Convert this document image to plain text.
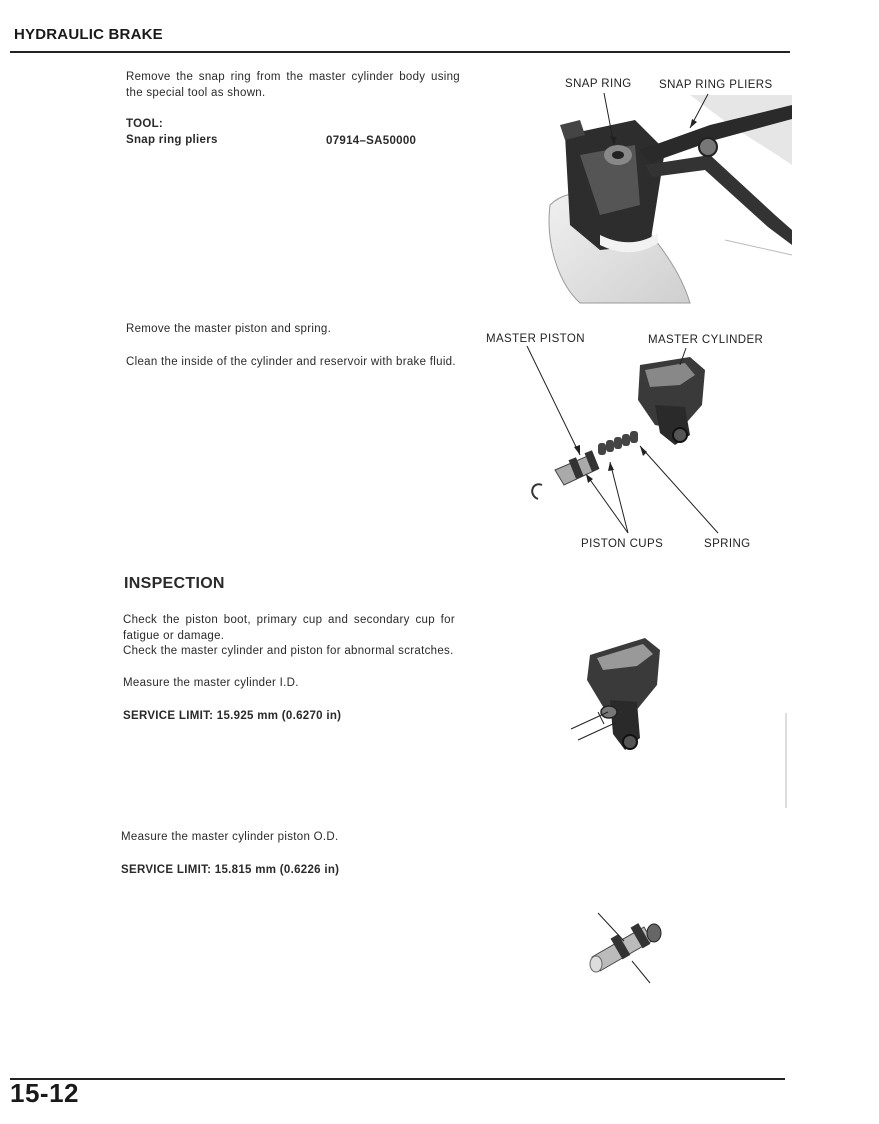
HYDRAULIC BRAKE
Remove the snap ring from the master cylinder body using the special tool as shown.
TOOL:
Snap ring pliers	07914–SA50000
SNAP RING SNAP RING PLIERS
Remove the master piston and spring.
Clean the inside of the cylinder and reservoir with brake fluid.
MASTER PISTON	MASTER CYLINDER
PISTON CUPS	SPRING
INSPECTION
Check the piston boot, primary cup and secondary cup for fatigue or damage.
Check the master cylinder and piston for abnormal scratches.
Measure the master cylinder I.D.
SERVICE LIMIT: 15.925 mm (0.6270 in)
Measure the master cylinder piston O.D.
SERVICE LIMIT: 15.815 mm (0.6226 in)
15-12
